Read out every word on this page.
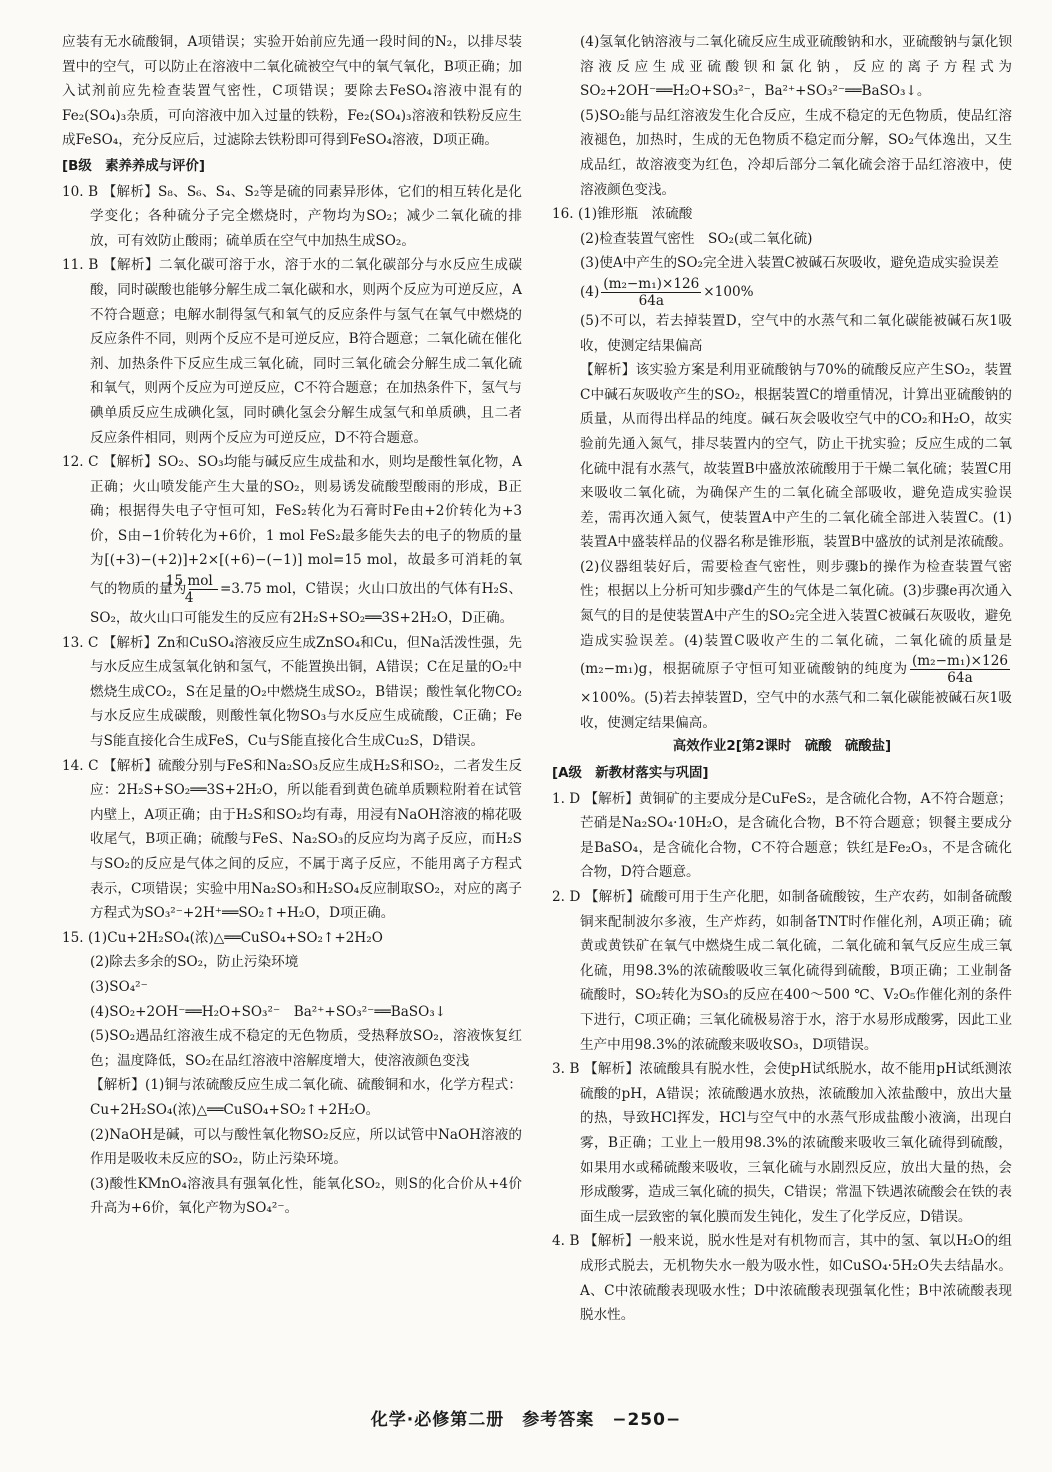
应装有无水硫酸铜，A项错误；实验开始前应先通一段时间的N₂，以排尽装置中的空气，可以防止在溶液中二氧化硫被空气中的氧气氧化，B项正确；加入试剂前应先检查装置气密性，C项错误；要除去FeSO₄溶液中混有的Fe₂(SO₄)₃杂质，可向溶液中加入过量的铁粉，Fe₂(SO₄)₃溶液和铁粉反应生成FeSO₄，充分反应后，过滤除去铁粉即可得到FeSO₄溶液，D项正确。

[B级　素养养成与评价]

10. B 【解析】S₈、S₆、S₄、S₂等是硫的同素异形体，它们的相互转化是化学变化；各种硫分子完全燃烧时，产物均为SO₂；减少二氧化硫的排放，可有效防止酸雨；硫单质在空气中加热生成SO₂。

11. B 【解析】二氧化碳可溶于水，溶于水的二氧化碳部分与水反应生成碳酸，同时碳酸也能够分解生成二氧化碳和水，则两个反应为可逆反应，A不符合题意；电解水制得氢气和氧气的反应条件与氢气在氧气中燃烧的反应条件不同，则两个反应不是可逆反应，B符合题意；二氧化硫在催化剂、加热条件下反应生成三氧化硫，同时三氧化硫会分解生成二氧化硫和氧气，则两个反应为可逆反应，C不符合题意；在加热条件下，氢气与碘单质反应生成碘化氢，同时碘化氢会分解生成氢气和单质碘，且二者反应条件相同，则两个反应为可逆反应，D不符合题意。

12. C 【解析】SO₂、SO₃均能与碱反应生成盐和水，则均是酸性氧化物，A正确；火山喷发能产生大量的SO₂，则易诱发硫酸型酸雨的形成，B正确；根据得失电子守恒可知，FeS₂转化为石膏时Fe由+2价转化为+3价，S由−1价转化为+6价，1 mol FeS₂最多能失去的电子的物质的量为[(+3)−(+2)]+2×[(+6)−(−1)] mol=15 mol，故最多可消耗的氧气的物质的量为 $\frac{\text{15 mol}}{4} =3.75$ mol，C错误；火山口放出的气体有H₂S、SO₂，故火山口可能发生的反应有2H₂S+SO₂══3S+2H₂O，D正确。

13. C 【解析】Zn和CuSO₄溶液反应生成ZnSO₄和Cu，但Na活泼性强，先与水反应生成氢氧化钠和氢气，不能置换出铜，A错误；C在足量的O₂中燃烧生成CO₂，S在足量的O₂中燃烧生成SO₂，B错误；酸性氧化物CO₂与水反应生成碳酸，则酸性氧化物SO₃与水反应生成硫酸，C正确；Fe与S能直接化合生成FeS，Cu与S能直接化合生成Cu₂S，D错误。

14. C 【解析】硫酸分别与FeS和Na₂SO₃反应生成H₂S和SO₂，二者发生反应：2H₂S+SO₂══3S+2H₂O，所以能看到黄色硫单质颗粒附着在试管内壁上，A项正确；由于H₂S和SO₂均有毒，用浸有NaOH溶液的棉花吸收尾气，B项正确；硫酸与FeS、Na₂SO₃的反应均为离子反应，而H₂S与SO₂的反应是气体之间的反应，不属于离子反应，不能用离子方程式表示，C项错误；实验中用Na₂SO₃和H₂SO₄反应制取SO₂，对应的离子方程式为SO₃²⁻+2H⁺══SO₂↑+H₂O，D项正确。

15. (1)Cu+2H₂SO₄(浓)△══CuSO₄+SO₂↑+2H₂O

(2)除去多余的SO₂，防止污染环境

(3)SO₄²⁻

(4)SO₂+2OH⁻══H₂O+SO₃²⁻　Ba²⁺+SO₃²⁻══BaSO₃↓

(5)SO₂遇品红溶液生成不稳定的无色物质，受热释放SO₂，溶液恢复红色；温度降低，SO₂在品红溶液中溶解度增大，使溶液颜色变浅

【解析】(1)铜与浓硫酸反应生成二氧化硫、硫酸铜和水，化学方程式：Cu+2H₂SO₄(浓)△══CuSO₄+SO₂↑+2H₂O。

(2)NaOH是碱，可以与酸性氧化物SO₂反应，所以试管中NaOH溶液的作用是吸收未反应的SO₂，防止污染环境。

(3)酸性KMnO₄溶液具有强氧化性，能氧化SO₂，则S的化合价从+4价升高为+6价，氧化产物为SO₄²⁻。

(4)氢氧化钠溶液与二氧化硫反应生成亚硫酸钠和水，亚硫酸钠与氯化钡溶液反应生成亚硫酸钡和氯化钠，反应的离子方程式为SO₂+2OH⁻══H₂O+SO₃²⁻，Ba²⁺+SO₃²⁻══BaSO₃↓。

(5)SO₂能与品红溶液发生化合反应，生成不稳定的无色物质，使品红溶液褪色，加热时，生成的无色物质不稳定而分解，SO₂气体逸出，又生成品红，故溶液变为红色，冷却后部分二氧化硫会溶于品红溶液中，使溶液颜色变浅。

16. (1)锥形瓶　浓硫酸

(2)检查装置气密性　SO₂(或二氧化硫)

(3)使A中产生的SO₂完全进入装置C被碱石灰吸收，避免造成实验误差

$(4) \frac{\text{(m₂−m₁)×126}}{64a} \times 100\%$

(5)不可以，若去掉装置D，空气中的水蒸气和二氧化碳能被碱石灰1吸收，使测定结果偏高

【解析】该实验方案是利用亚硫酸钠与70%的硫酸反应产生SO₂，装置C中碱石灰吸收产生的SO₂，根据装置C的增重情况，计算出亚硫酸钠的质量，从而得出样品的纯度。碱石灰会吸收空气中的CO₂和H₂O，故实验前先通入氮气，排尽装置内的空气，防止干扰实验；反应生成的二氧化硫中混有水蒸气，故装置B中盛放浓硫酸用于干燥二氧化硫；装置C用来吸收二氧化硫，为确保产生的二氧化硫全部吸收，避免造成实验误差，需再次通入氮气，使装置A中产生的二氧化硫全部进入装置C。(1)装置A中盛装样品的仪器名称是锥形瓶，装置B中盛放的试剂是浓硫酸。(2)仪器组装好后，需要检查气密性，则步骤b的操作为检查装置气密性；根据以上分析可知步骤d产生的气体是二氧化硫。(3)步骤e再次通入氮气的目的是使装置A中产生的SO₂完全进入装置C被碱石灰吸收，避免造成实验误差。(4)装置C吸收产生的二氧化硫，二氧化硫的质量是(m₂−m₁)g，根据硫原子守恒可知亚硫酸钠的纯度为 $\frac{\text{(m₂−m₁)×126}}{64a}$
×100%。(5)若去掉装置D，空气中的水蒸气和二氧化碳能被碱石灰1吸收，使测定结果偏高。

高效作业2[第2课时　硫酸　硫酸盐]

[A级　新教材落实与巩固]

1. D 【解析】黄铜矿的主要成分是CuFeS₂，是含硫化合物，A不符合题意；芒硝是Na₂SO₄·10H₂O，是含硫化合物，B不符合题意；钡餐主要成分是BaSO₄，是含硫化合物，C不符合题意；铁红是Fe₂O₃，不是含硫化合物，D符合题意。

2. D 【解析】硫酸可用于生产化肥，如制备硫酸铵，生产农药，如制备硫酸铜来配制波尔多液，生产炸药，如制备TNT时作催化剂，A项正确；硫黄或黄铁矿在氧气中燃烧生成二氧化硫，二氧化硫和氧气反应生成三氧化硫，用98.3%的浓硫酸吸收三氧化硫得到硫酸，B项正确；工业制备硫酸时，SO₂转化为SO₃的反应在400～500 ℃、V₂O₅作催化剂的条件下进行，C项正确；三氧化硫极易溶于水，溶于水易形成酸雾，因此工业生产中用98.3%的浓硫酸来吸收SO₃，D项错误。

3. B 【解析】浓硫酸具有脱水性，会使pH试纸脱水，故不能用pH试纸测浓硫酸的pH，A错误；浓硫酸遇水放热，浓硫酸加入浓盐酸中，放出大量的热，导致HCl挥发，HCl与空气中的水蒸气形成盐酸小液滴，出现白雾，B正确；工业上一般用98.3%的浓硫酸来吸收三氧化硫得到硫酸，如果用水或稀硫酸来吸收，三氧化硫与水剧烈反应，放出大量的热，会形成酸雾，造成三氧化硫的损失，C错误；常温下铁遇浓硫酸会在铁的表面生成一层致密的氧化膜而发生钝化，发生了化学反应，D错误。

4. B 【解析】一般来说，脱水性是对有机物而言，其中的氢、氧以H₂O的组成形式脱去，无机物失水一般为吸水性，如CuSO₄·5H₂O失去结晶水。A、C中浓硫酸表现吸水性；D中浓硫酸表现强氧化性；B中浓硫酸表现脱水性。

化学·必修第二册　参考答案　−250−
